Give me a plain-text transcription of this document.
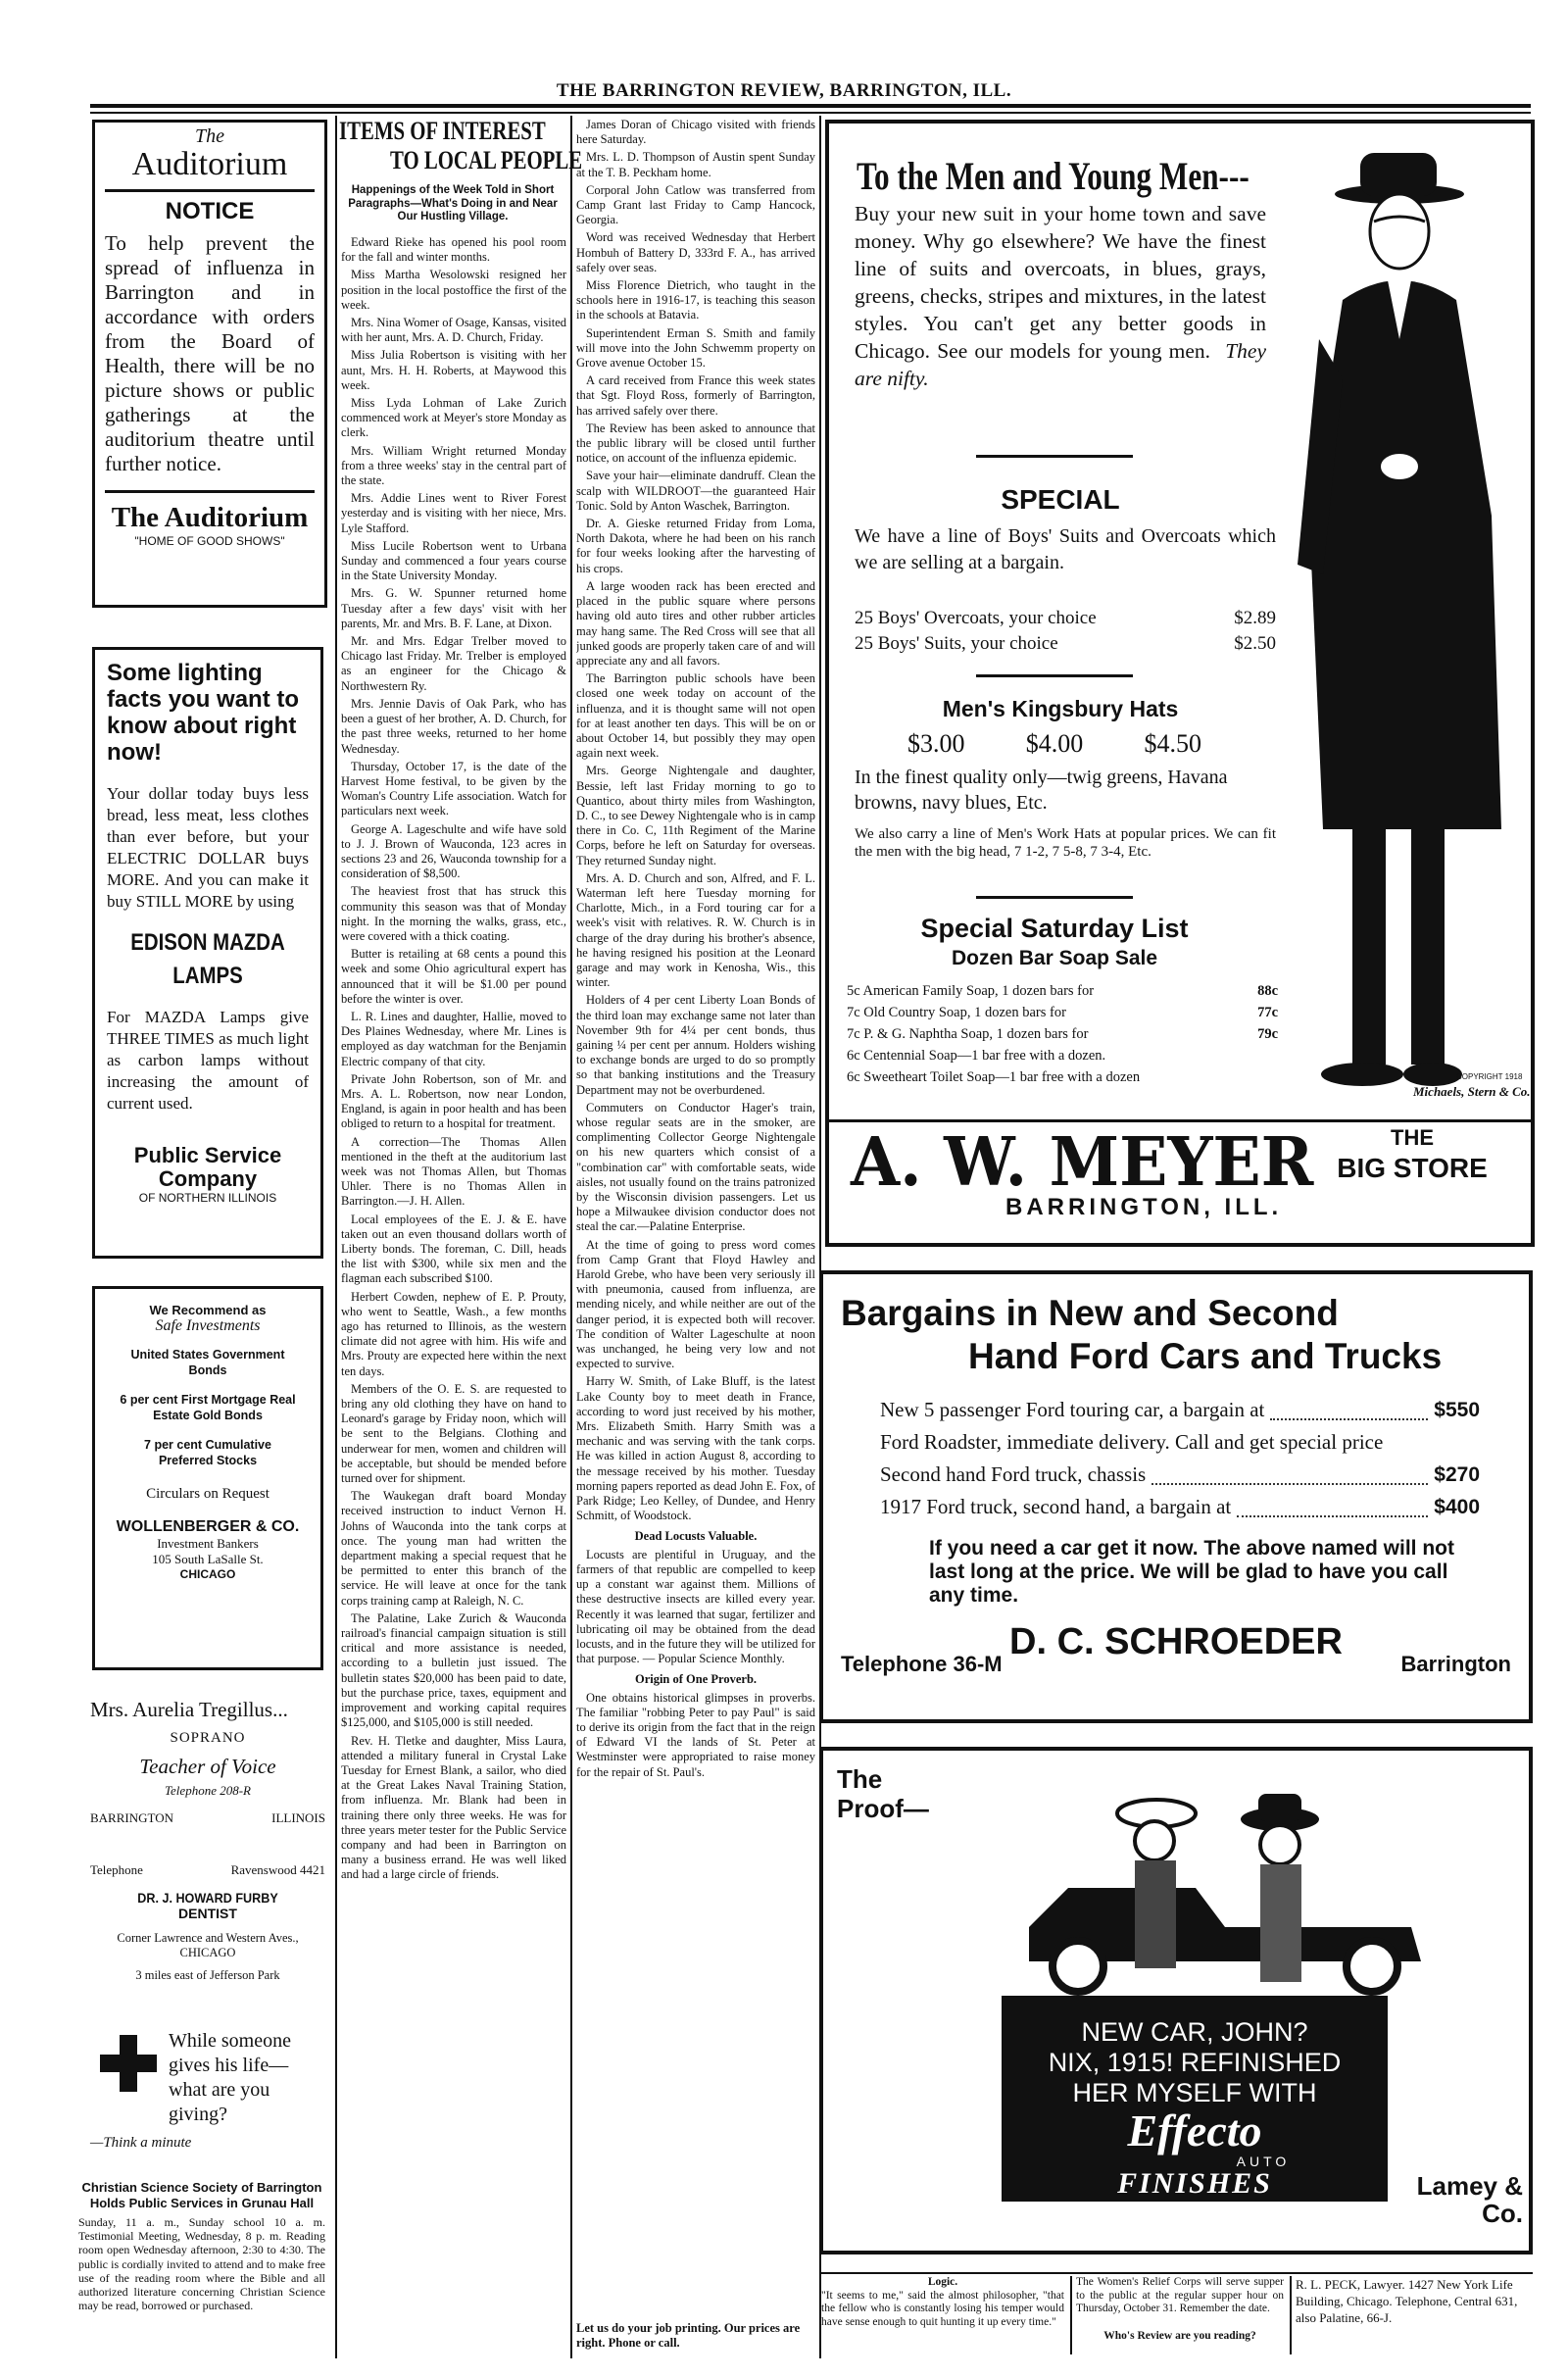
THE BARRINGTON REVIEW, BARRINGTON, ILL.
The
Auditorium
NOTICE
To help prevent the spread of influenza in Barrington and in accordance with orders from the Board of Health, there will be no picture shows or public gatherings at the auditorium theatre until further notice.
The Auditorium
"HOME OF GOOD SHOWS"
Some lighting facts you want to know about right now!
Your dollar today buys less bread, less meat, less clothes than ever before, but your ELECTRIC DOLLAR buys MORE. And you can make it buy STILL MORE by using
EDISON MAZDA LAMPS
For MAZDA Lamps give THREE TIMES as much light as carbon lamps without increasing the amount of current used.
Public Service Company
OF NORTHERN ILLINOIS
We Recommend as
Safe Investments
United States Government Bonds
6 per cent First Mortgage Real Estate Gold Bonds
7 per cent Cumulative Preferred Stocks
Circulars on Request
WOLLENBERGER & CO.
Investment Bankers
105 South LaSalle St.
CHICAGO
Mrs. Aurelia Tregillus...
SOPRANO
Teacher of Voice
Telephone 208-R
BARRINGTON	ILLINOIS
Telephone	Ravenswood 4421
DR. J. HOWARD FURBY
DENTIST
Corner Lawrence and Western Aves.,
CHICAGO
3 miles east of Jefferson Park
While someone gives his life—what are you giving?
—Think a minute
Christian Science Society of Barrington Holds Public Services in Grunau Hall
Sunday, 11 a. m., Sunday school 10 a. m. Testimonial Meeting, Wednesday, 8 p. m. Reading room open Wednesday afternoon, 2:30 to 4:30. The public is cordially invited to attend and to make free use of the reading room where the Bible and all authorized literature concerning Christian Science may be read, borrowed or purchased.
ITEMS OF INTEREST
TO LOCAL PEOPLE
Happenings of the Week Told in Short Paragraphs—What's Doing in and Near Our Hustling Village.

Edward Rieke has opened his pool room for the fall and winter months.

Miss Martha Wesolowski resigned her position in the local postoffice the first of the week.

Mrs. Nina Womer of Osage, Kansas, visited with her aunt, Mrs. A. D. Church, Friday.

Miss Julia Robertson is visiting with her aunt, Mrs. H. H. Roberts, at Maywood this week.

Miss Lyda Lohman of Lake Zurich commenced work at Meyer's store Monday as clerk.

Mrs. William Wright returned Monday from a three weeks' stay in the central part of the state.

Mrs. Addie Lines went to River Forest yesterday and is visiting with her niece, Mrs. Lyle Stafford.

Miss Lucile Robertson went to Urbana Sunday and commenced a four years course in the State University Monday.

Mrs. G. W. Spunner returned home Tuesday after a few days' visit with her parents, Mr. and Mrs. B. F. Lane, at Dixon.

Mr. and Mrs. Edgar Trelber moved to Chicago last Friday. Mr. Trelber is employed as an engineer for the Chicago & Northwestern Ry.

Mrs. Jennie Davis of Oak Park, who has been a guest of her brother, A. D. Church, for the past three weeks, returned to her home Wednesday.

Thursday, October 17, is the date of the Harvest Home festival, to be given by the Woman's Country Life association. Watch for particulars next week.

George A. Lageschulte and wife have sold to J. J. Brown of Wauconda, 123 acres in sections 23 and 26, Wauconda township for a consideration of $8,500.

The heaviest frost that has struck this community this season was that of Monday night. In the morning the walks, grass, etc., were covered with a thick coating.

Butter is retailing at 68 cents a pound this week and some Ohio agricultural expert has announced that it will be $1.00 per pound before the winter is over.

L. R. Lines and daughter, Hallie, moved to Des Plaines Wednesday, where Mr. Lines is employed as day watchman for the Benjamin Electric company of that city.

Private John Robertson, son of Mr. and Mrs. A. L. Robertson, now near London, England, is again in poor health and has been obliged to return to a hospital for treatment.

A correction—The Thomas Allen mentioned in the theft at the auditorium last week was not Thomas Allen, but Thomas Uhler. There is no Thomas Allen in Barrington.—J. H. Allen.

Local employees of the E. J. & E. have taken out an even thousand dollars worth of Liberty bonds. The foreman, C. Dill, heads the list with $300, while six men and the flagman each subscribed $100.

Herbert Cowden, nephew of E. P. Prouty, who went to Seattle, Wash., a few months ago has returned to Illinois, as the western climate did not agree with him. His wife and Mrs. Prouty are expected here within the next ten days.

Members of the O. E. S. are requested to bring any old clothing they have on hand to Leonard's garage by Friday noon, which will be sent to the Belgians. Clothing and underwear for men, women and children will be acceptable, but should be mended before turned over for shipment.

The Waukegan draft board Monday received instruction to induct Vernon H. Johns of Wauconda into the tank corps at once. The young man had written the department making a special request that he be permitted to enter this branch of the service. He will leave at once for the tank corps training camp at Raleigh, N. C.

The Palatine, Lake Zurich & Wauconda railroad's financial campaign situation is still critical and more assistance is needed, according to a bulletin just issued. The bulletin states $20,000 has been paid to date, but the purchase price, taxes, equipment and improvement and working capital requires $125,000, and $105,000 is still needed.

Rev. H. Tletke and daughter, Miss Laura, attended a military funeral in Crystal Lake Tuesday for Ernest Blank, a sailor, who died at the Great Lakes Naval Training Station, from influenza. Mr. Blank had been in training there only three weeks. He was for three years meter tester for the Public Service company and had been in Barrington on many a business errand. He was well liked and had a large circle of friends.

James Doran of Chicago visited with friends here Saturday.

Mrs. L. D. Thompson of Austin spent Sunday at the T. B. Peckham home.

Corporal John Catlow was transferred from Camp Grant last Friday to Camp Hancock, Georgia.

Word was received Wednesday that Herbert Hombuh of Battery D, 333rd F. A., has arrived safely over seas.

Miss Florence Dietrich, who taught in the schools here in 1916-17, is teaching this season in the schools at Batavia.

Superintendent Erman S. Smith and family will move into the John Schwemm property on Grove avenue October 15.

A card received from France this week states that Sgt. Floyd Ross, formerly of Barrington, has arrived safely over there.

The Review has been asked to announce that the public library will be closed until further notice, on account of the influenza epidemic.

Save your hair—eliminate dandruff. Clean the scalp with WILDROOT—the guaranteed Hair Tonic. Sold by Anton Waschek, Barrington.

Dr. A. Gieske returned Friday from Loma, North Dakota, where he had been on his ranch for four weeks looking after the harvesting of his crops.

A large wooden rack has been erected and placed in the public square where persons having old auto tires and other rubber articles may hang same. The Red Cross will see that all junked goods are properly taken care of and will appreciate any and all favors.

The Barrington public schools have been closed one week today on account of the influenza, and it is thought same will not open for at least another ten days. This will be on or about October 14, but possibly they may open again next week.

Mrs. George Nightengale and daughter, Bessie, left last Friday morning to go to Quantico, about thirty miles from Washington, D. C., to see Dewey Nightengale who is in camp there in Co. C, 11th Regiment of the Marine Corps, before he left on Saturday for overseas. They returned Sunday night.

Mrs. A. D. Church and son, Alfred, and F. L. Waterman left here Tuesday morning for Charlotte, Mich., in a Ford touring car for a week's visit with relatives. R. W. Church is in charge of the dray during his brother's absence, he having resigned his position at the Leonard garage and may work in Kenosha, Wis., this winter.

Holders of 4 per cent Liberty Loan Bonds of the third loan may exchange same not later than November 9th for 4¼ per cent bonds, thus gaining ¼ per cent per annum. Holders wishing to exchange bonds are urged to do so promptly so that banking institutions and the Treasury Department may not be overburdened.

Commuters on Conductor Hager's train, whose regular seats are in the smoker, are complimenting Collector George Nightengale on his new quarters which consist of a "combination car" with comfortable seats, wide aisles, not usually found on the trains patronized by the Wisconsin division passengers. Let us hope a Milwaukee division conductor does not steal the car.—Palatine Enterprise.

At the time of going to press word comes from Camp Grant that Floyd Hawley and Harold Grebe, who have been very seriously ill with pneumonia, caused from influenza, are mending nicely, and while neither are out of the danger period, it is expected both will recover. The condition of Walter Lageschulte at noon was unchanged, he being very low and not expected to survive.

Harry W. Smith, of Lake Bluff, is the latest Lake County boy to meet death in France, according to word just received by his mother, Mrs. Elizabeth Smith. Harry Smith was a mechanic and was serving with the tank corps. He was killed in action August 8, according to the message received by his mother. Tuesday morning papers reported as dead John E. Fox, of Park Ridge; Leo Kelley, of Dundee, and Henry Schmitt, of Woodstock.

Dead Locusts Valuable.

Locusts are plentiful in Uruguay, and the farmers of that republic are compelled to keep up a constant war against them. Millions of these destructive insects are killed every year. Recently it was learned that sugar, fertilizer and lubricating oil may be obtained from the dead locusts, and in the future they will be utilized for that purpose. — Popular Science Monthly.

Origin of One Proverb.

One obtains historical glimpses in proverbs. The familiar "robbing Peter to pay Paul" is said to derive its origin from the fact that in the reign of Edward VI the lands of St. Peter at Westminster were appropriated to raise money for the repair of St. Paul's.

Let us do your job printing. Our prices are right. Phone or call.
To the Men and Young Men---
Buy your new suit in your home town and save money. Why go elsewhere? We have the finest line of suits and overcoats, in blues, grays, greens, checks, stripes and mixtures, in the latest styles. You can't get any better goods in Chicago. See our models for young men. They are nifty.
SPECIAL
We have a line of Boys' Suits and Overcoats which we are selling at a bargain.
25 Boys' Overcoats, your choice	$2.89
25 Boys' Suits, your choice	$2.50
Men's Kingsbury Hats
$3.00 $4.00 $4.50
In the finest quality only—twig greens, Havana browns, navy blues, Etc.
We also carry a line of Men's Work Hats at popular prices. We can fit the men with the big head, 7 1-2, 7 5-8, 7 3-4, Etc.
Special Saturday List
Dozen Bar Soap Sale
5c American Family Soap, 1 dozen bars for	88c
7c Old Country Soap, 1 dozen bars for	77c
7c P. & G. Naphtha Soap, 1 dozen bars for	79c
6c Centennial Soap—1 bar free with a dozen.
6c Sweetheart Toilet Soap—1 bar free with a dozen	COPYRIGHT 1918
Michaels, Stern & Co.
A. W. MEYER	THE
BIG STORE
BARRINGTON, ILL.
Bargains in New and Second
Hand Ford Cars and Trucks
New 5 passenger Ford touring car, a bargain at	$550
Ford Roadster, immediate delivery. Call and get special price
Second hand Ford truck, chassis	$270
1917 Ford truck, second hand, a bargain at	$400
If you need a car get it now. The above named will not last long at the price. We will be glad to have you call any time.
D. C. SCHROEDER
Telephone 36-M	Barrington
The
Proof—
NEW CAR, JOHN?
NIX, 1915! REFINISHED
HER MYSELF WITH
Effecto
AUTO
FINISHES	Lamey & Co.
Logic.
"It seems to me," said the almost philosopher, "that the fellow who is constantly losing his temper would have sense enough to quit hunting it up every time."
The Women's Relief Corps will serve supper to the public at the regular supper hour on Thursday, October 31. Remember the date.
Who's Review are you reading?
R. L. PECK, Lawyer. 1427 New York Life Building, Chicago. Telephone, Central 631, also Palatine, 66-J.
